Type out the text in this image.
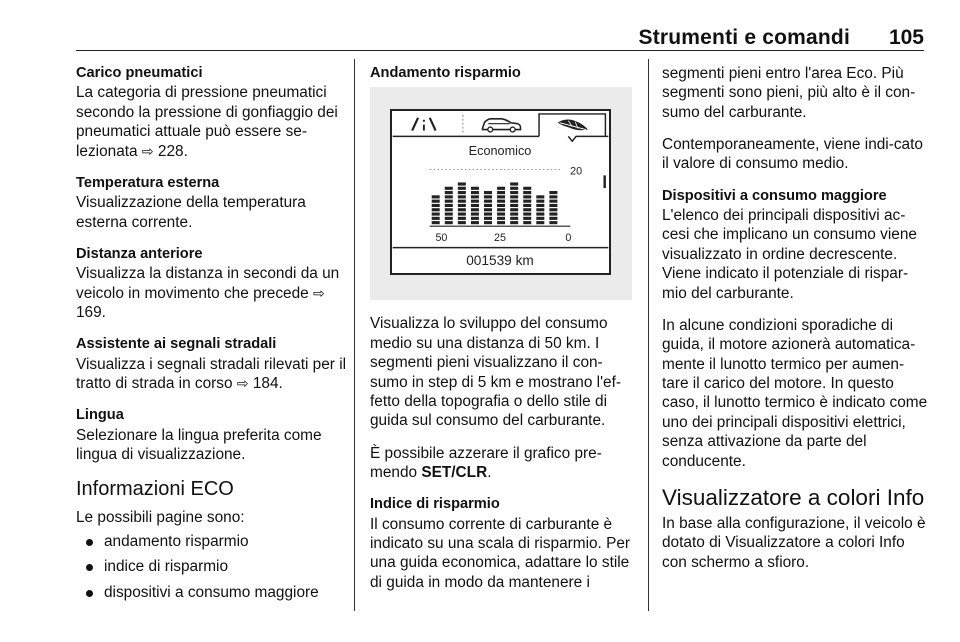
Strumenti e comandi 105
Carico pneumatici

La categoria di pressione pneumatici secondo la pressione di gonfiaggio dei pneumatici attuale può essere se-lezionata ⇨ 228.

Temperatura esterna

Visualizzazione della temperatura esterna corrente.

Distanza anteriore

Visualizza la distanza in secondi da un veicolo in movimento che precede ⇨ 169.

Assistente ai segnali stradali

Visualizza i segnali stradali rilevati per il tratto di strada in corso ⇨ 184.

Lingua

Selezionare la lingua preferita come lingua di visualizzazione.

Informazioni ECO

Le possibili pagine sono:

andamento risparmio
indice di risparmio
dispositivi a consumo maggiore
Andamento risparmio
Economico
20
50	25	0
001539 km

Visualizza lo sviluppo del consumo medio su una distanza di 50 km. I segmenti pieni visualizzano il con-sumo in step di 5 km e mostrano l'ef-fetto della topografia o dello stile di guida sul consumo del carburante.

È possibile azzerare il grafico pre-mendo SET/CLR.

Indice di risparmio

Il consumo corrente di carburante è indicato su una scala di risparmio. Per una guida economica, adattare lo stile di guida in modo da mantenere i

segmenti pieni entro l'area Eco. Più segmenti sono pieni, più alto è il con-sumo del carburante.

Contemporaneamente, viene indi-cato il valore di consumo medio.

Dispositivi a consumo maggiore

L'elenco dei principali dispositivi ac-cesi che implicano un consumo viene visualizzato in ordine decrescente. Viene indicato il potenziale di rispar-mio del carburante.

In alcune condizioni sporadiche di guida, il motore azionerà automatica-mente il lunotto termico per aumen-tare il carico del motore. In questo caso, il lunotto termico è indicato come uno dei principali dispositivi elettrici, senza attivazione da parte del conducente.

Visualizzatore a colori Info

In base alla configurazione, il veicolo è dotato di Visualizzatore a colori Info con schermo a sfioro.
